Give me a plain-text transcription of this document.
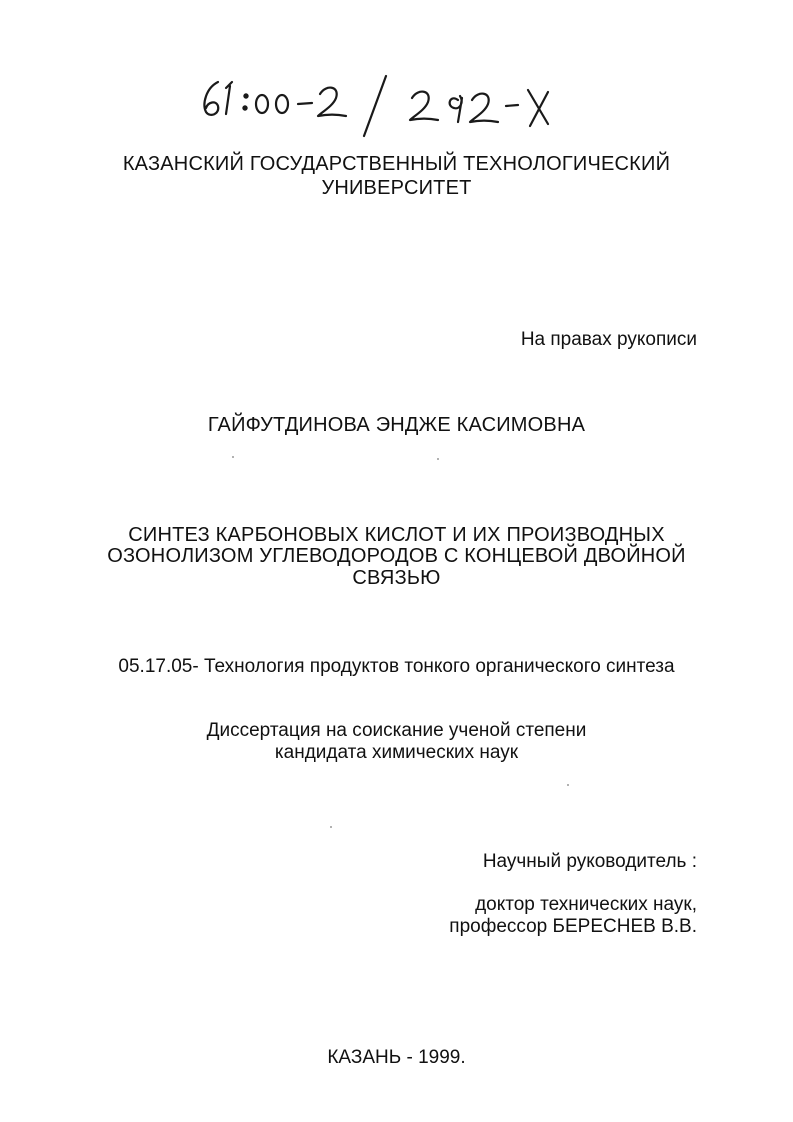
КАЗАНСКИЙ ГОСУДАРСТВЕННЫЙ ТЕХНОЛОГИЧЕСКИЙ
УНИВЕРСИТЕТ
На правах рукописи
ГАЙФУТДИНОВА ЭНДЖЕ КАСИМОВНА
СИНТЕЗ КАРБОНОВЫХ КИСЛОТ И ИХ ПРОИЗВОДНЫХ
ОЗОНОЛИЗОМ УГЛЕВОДОРОДОВ С КОНЦЕВОЙ ДВОЙНОЙ
СВЯЗЬЮ
05.17.05- Технология продуктов тонкого органического синтеза
Диссертация на соискание ученой степени
кандидата химических наук
Научный руководитель :
доктор технических наук,
профессор БЕРЕСНЕВ В.В.
КАЗАНЬ - 1999.
